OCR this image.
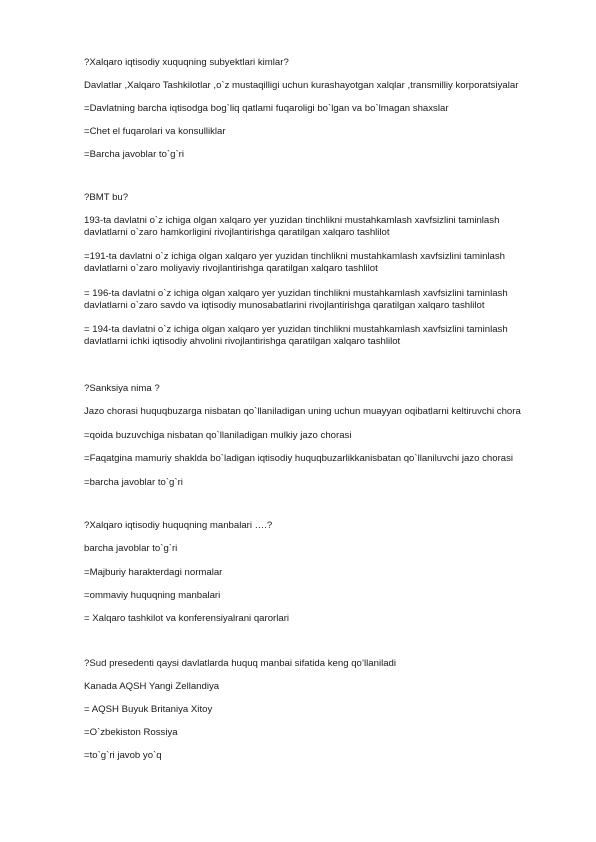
?Xalqaro iqtisodiy xuquqning subyektlari kimlar?
Davlatlar ,Xalqaro Tashkilotlar ,o`z mustaqilligi uchun kurashayotgan xalqlar ,transmilliy korporatsiyalar
=Davlatning barcha iqtisodga bog`liq qatlami fuqaroligi bo`lgan va bo`lmagan shaxslar
=Chet el fuqarolari va konsulliklar
=Barcha javoblar to`g`ri
?BMT bu?
193-ta davlatni o`z ichiga olgan xalqaro yer yuzidan tinchlikni mustahkamlash xavfsizlini taminlash davlatlarni o`zaro hamkorligini rivojlantirishga qaratilgan xalqaro tashlilot
=191-ta davlatni o`z ichiga olgan xalqaro yer yuzidan tinchlikni mustahkamlash xavfsizlini taminlash davlatlarni o`zaro moliyaviy rivojlantirishga qaratilgan xalqaro tashlilot
= 196-ta davlatni o`z ichiga olgan xalqaro yer yuzidan tinchlikni mustahkamlash xavfsizlini taminlash davlatlarni o`zaro savdo va iqtisodiy munosabatlarini rivojlantirishga qaratilgan xalqaro tashlilot
= 194-ta davlatni o`z ichiga olgan xalqaro yer yuzidan tinchlikni mustahkamlash xavfsizlini taminlash davlatlarni ichki iqtisodiy ahvolini rivojlantirishga qaratilgan xalqaro tashlilot
?Sanksiya nima ?
Jazo chorasi huquqbuzarga nisbatan qo`llaniladigan uning uchun muayyan oqibatlarni keltiruvchi chora
=qoida buzuvchiga nisbatan qo`llaniladigan mulkiy jazo chorasi
=Faqatgina mamuriy shaklda bo`ladigan iqtisodiy huquqbuzarlikkanisbatan qo`llaniluvchi jazo chorasi
=barcha javoblar to`g`ri
?Xalqaro iqtisodiy huquqning manbalari ….?
barcha javoblar to`g`ri
=Majburiy harakterdagi normalar
=ommaviy huquqning manbalari
= Xalqaro tashkilot va konferensiyalrani qarorlari
?Sud presedenti qaysi davlatlarda huquq manbai sifatida keng qo’llaniladi
Kanada AQSH Yangi Zellandiya
= AQSH Buyuk Britaniya Xitoy
=O`zbekiston Rossiya
=to`g`ri javob yo`q
